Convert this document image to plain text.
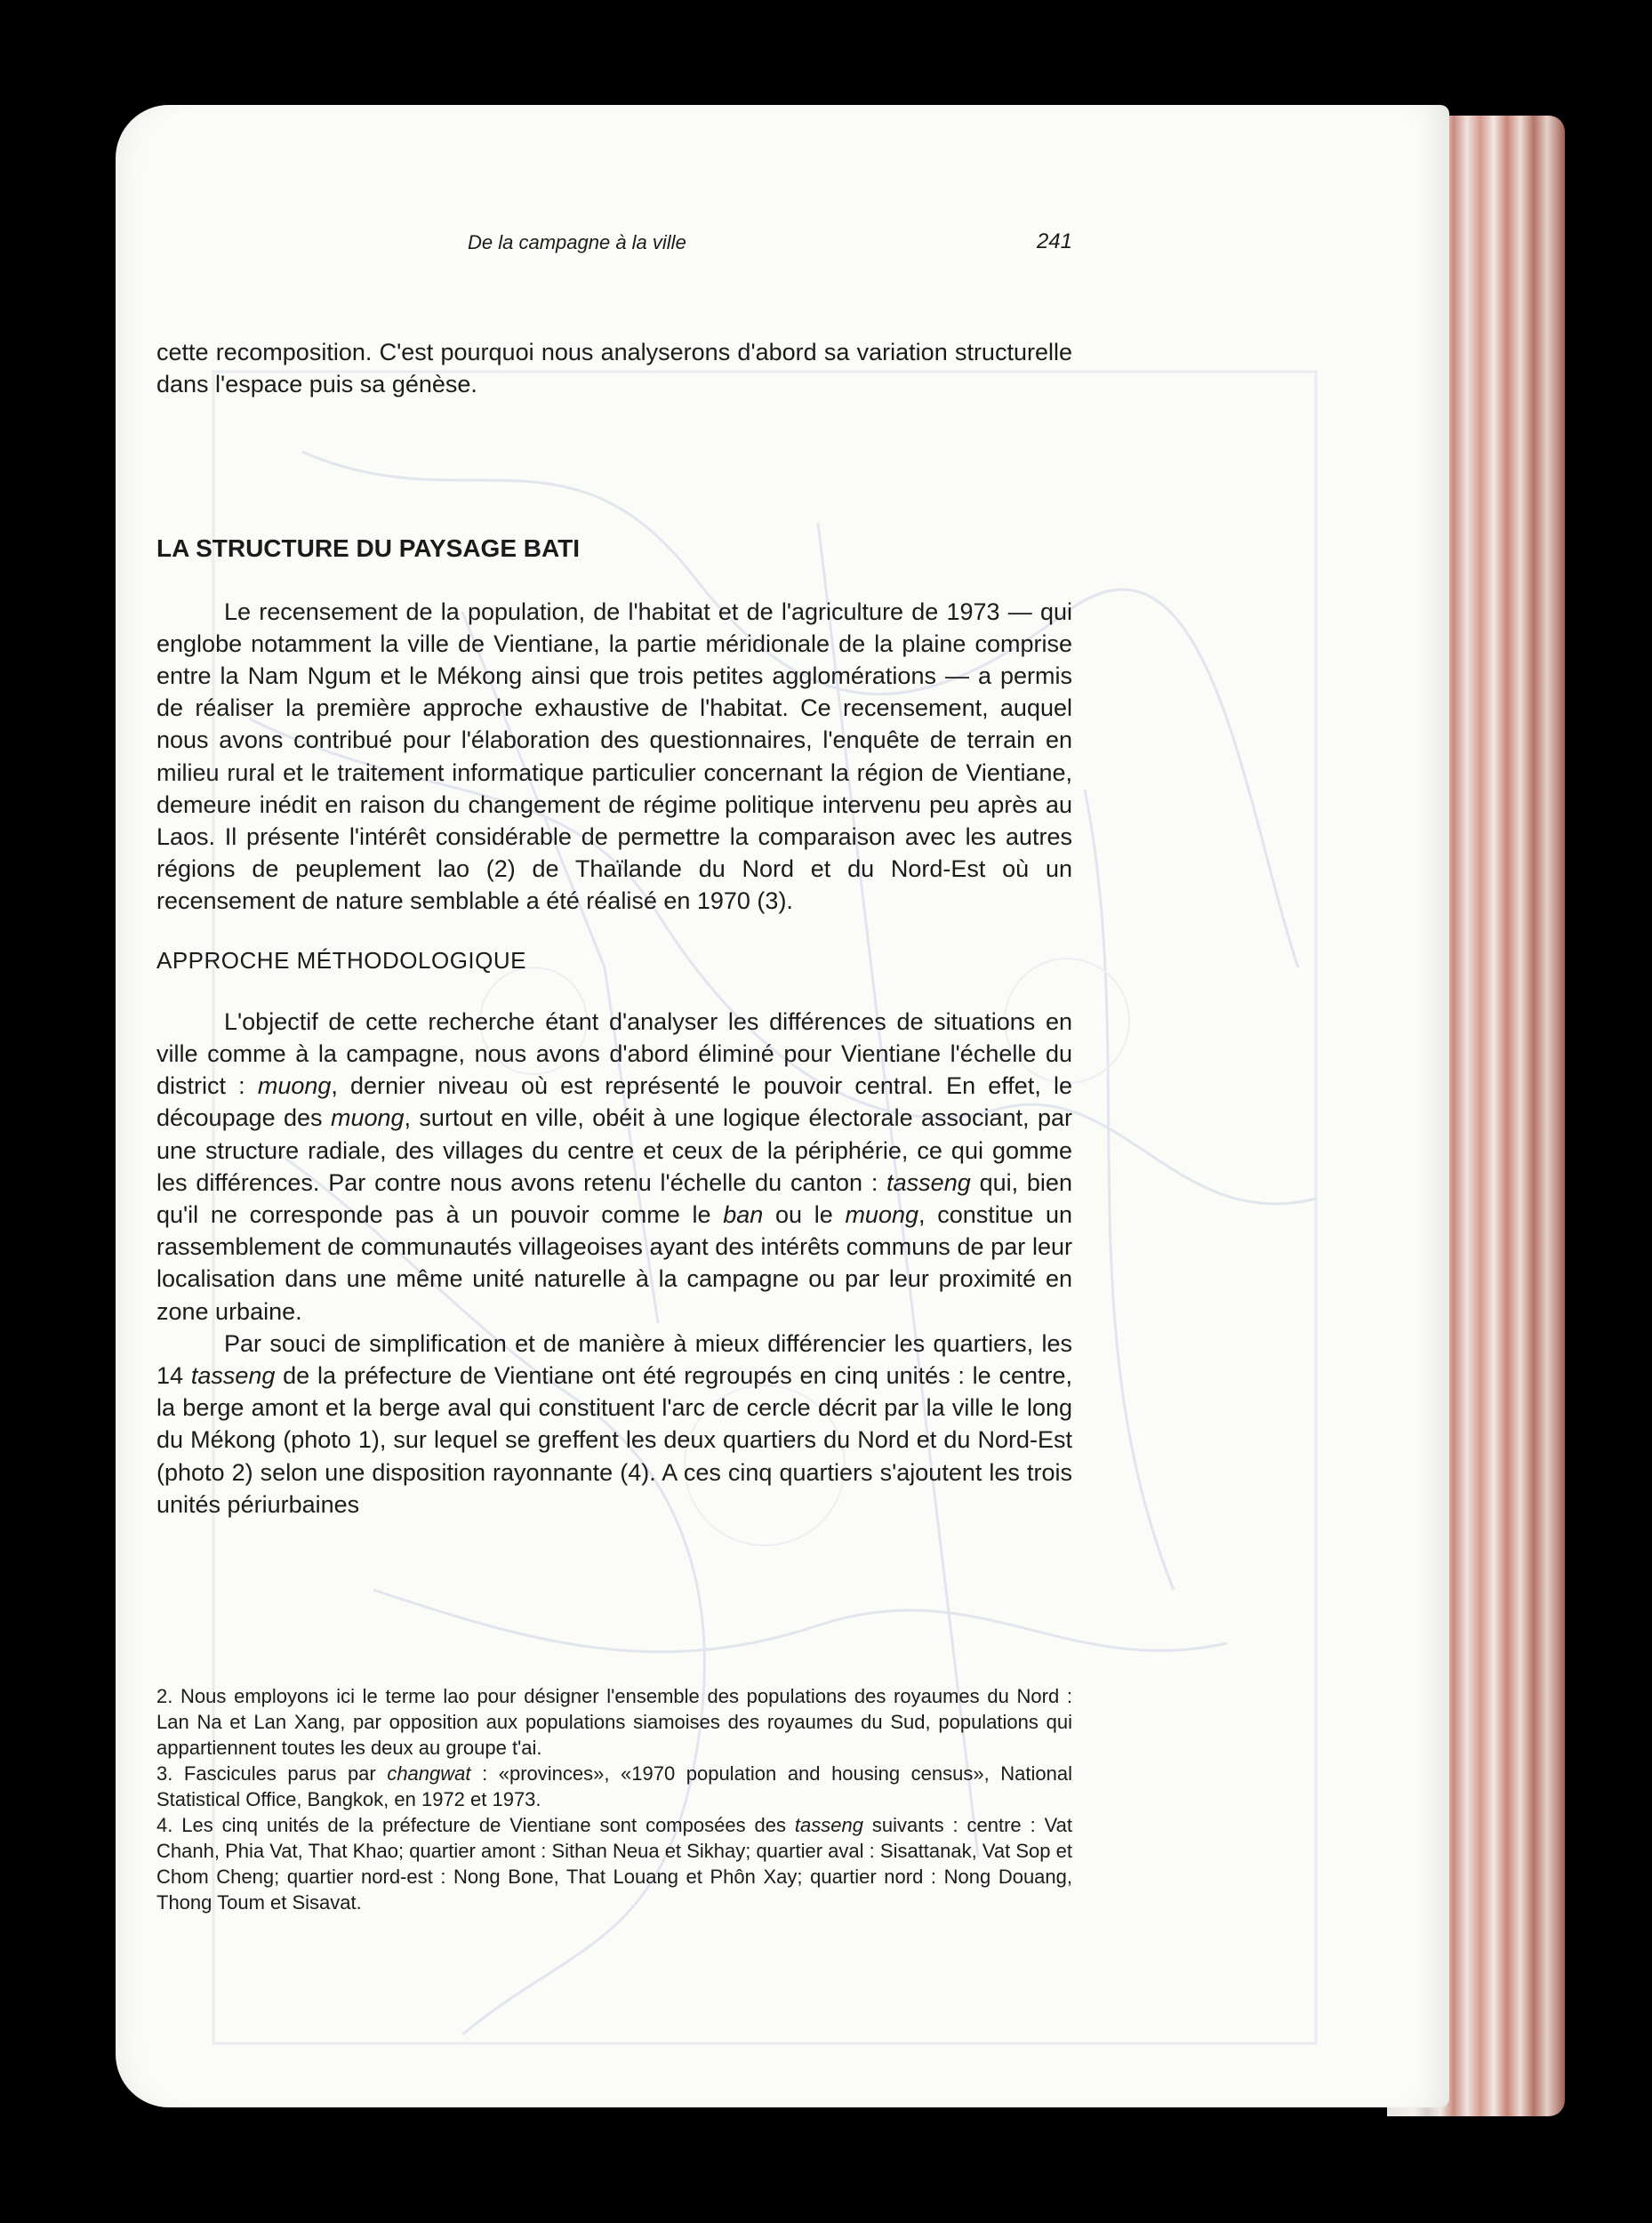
De la campagne à la ville	241

cette recomposition. C'est pourquoi nous analyserons d'abord sa variation structurelle dans l'espace puis sa génèse.

LA STRUCTURE DU PAYSAGE BATI

Le recensement de la population, de l'habitat et de l'agriculture de 1973 — qui englobe notamment la ville de Vientiane, la partie méridionale de la plaine comprise entre la Nam Ngum et le Mékong ainsi que trois petites agglomérations — a permis de réaliser la première approche exhaustive de l'habitat. Ce recensement, auquel nous avons contribué pour l'élaboration des questionnaires, l'enquête de terrain en milieu rural et le traitement informatique particulier concernant la région de Vientiane, demeure inédit en raison du changement de régime politique intervenu peu après au Laos. Il présente l'intérêt considérable de permettre la comparaison avec les autres régions de peuplement lao (2) de Thaïlande du Nord et du Nord-Est où un recensement de nature semblable a été réalisé en 1970 (3).

APPROCHE MÉTHODOLOGIQUE

L'objectif de cette recherche étant d'analyser les différences de situations en ville comme à la campagne, nous avons d'abord éliminé pour Vientiane l'échelle du district : muong, dernier niveau où est représenté le pouvoir central. En effet, le découpage des muong, surtout en ville, obéit à une logique électorale associant, par une structure radiale, des villages du centre et ceux de la périphérie, ce qui gomme les différences. Par contre nous avons retenu l'échelle du canton : tasseng qui, bien qu'il ne corresponde pas à un pouvoir comme le ban ou le muong, constitue un rassemblement de communautés villageoises ayant des intérêts communs de par leur localisation dans une même unité naturelle à la campagne ou par leur proximité en zone urbaine.

Par souci de simplification et de manière à mieux différencier les quartiers, les 14 tasseng de la préfecture de Vientiane ont été regroupés en cinq unités : le centre, la berge amont et la berge aval qui constituent l'arc de cercle décrit par la ville le long du Mékong (photo 1), sur lequel se greffent les deux quartiers du Nord et du Nord-Est (photo 2) selon une disposition rayonnante (4). A ces cinq quartiers s'ajoutent les trois unités périurbaines

2. Nous employons ici le terme lao pour désigner l'ensemble des populations des royaumes du Nord : Lan Na et Lan Xang, par opposition aux populations siamoises des royaumes du Sud, populations qui appartiennent toutes les deux au groupe t'ai.

3. Fascicules parus par changwat : «provinces», «1970 population and housing census», National Statistical Office, Bangkok, en 1972 et 1973.

4. Les cinq unités de la préfecture de Vientiane sont composées des tasseng suivants : centre : Vat Chanh, Phia Vat, That Khao; quartier amont : Sithan Neua et Sikhay; quartier aval : Sisattanak, Vat Sop et Chom Cheng; quartier nord-est : Nong Bone, That Louang et Phôn Xay; quartier nord : Nong Douang, Thong Toum et Sisavat.
